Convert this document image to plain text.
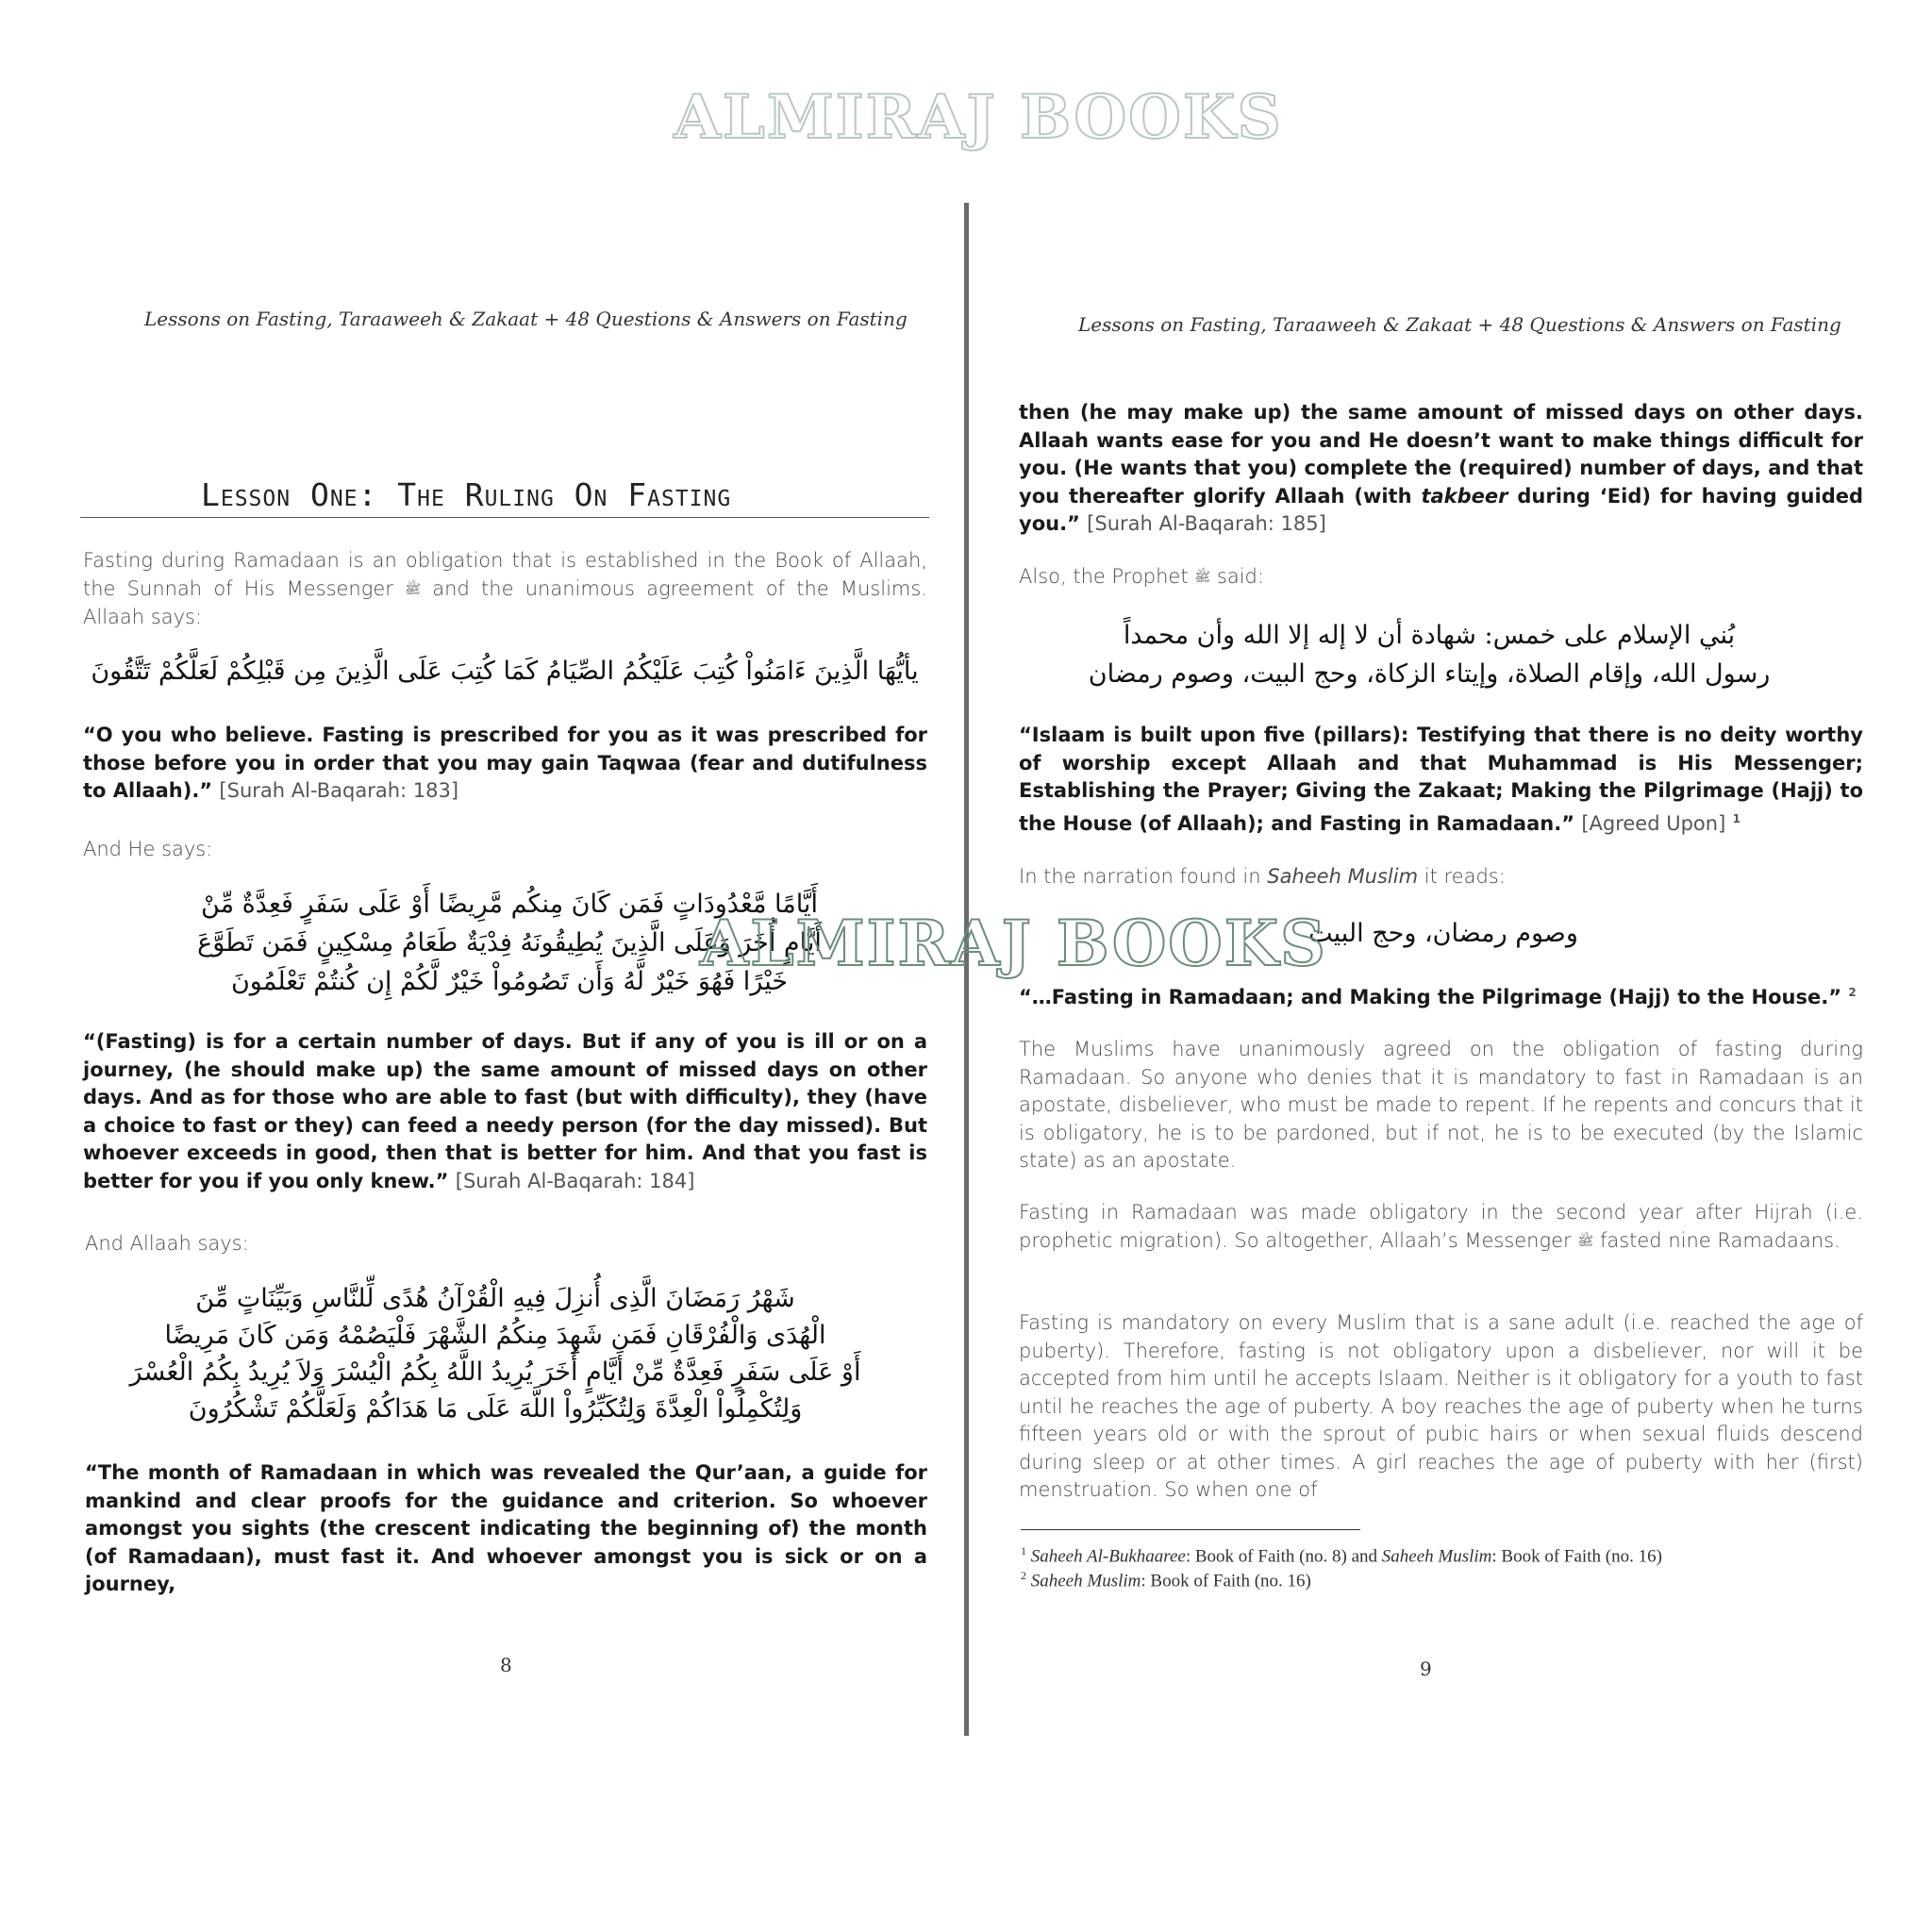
ALMIRAJ BOOKS
Lessons on Fasting, Taraaweeh & Zakaat + 48 Questions & Answers on Fasting
Lesson One: The Ruling On Fasting
Fasting during Ramadaan is an obligation that is established in the Book of Allaah, the Sunnah of His Messenger ﷺ and the unanimous agreement of the Muslims. Allaah says:
يأيُّهَا الَّذِينَ ءَامَنُواْ كُتِبَ عَلَيْكُمُ الصِّيَامُ كَمَا كُتِبَ عَلَى الَّذِينَ مِن قَبْلِكُمْ لَعَلَّكُمْ تَتَّقُونَ
“O you who believe. Fasting is prescribed for you as it was prescribed for those before you in order that you may gain Taqwaa (fear and dutifulness to Allaah).” [Surah Al-Baqarah: 183]
And He says:
أَيَّامًا مَّعْدُودَاتٍ فَمَن كَانَ مِنكُم مَّرِيضًا أَوْ عَلَى سَفَرٍ فَعِدَّةٌ مِّنْ
أَيَّامٍ أُخَرَ وَعَلَى الَّذِينَ يُطِيقُونَهُ فِدْيَةٌ طَعَامُ مِسْكِينٍ فَمَن تَطَوَّعَ
خَيْرًا فَهُوَ خَيْرٌ لَّهُ وَأَن تَصُومُواْ خَيْرٌ لَّكُمْ إِن كُنتُمْ تَعْلَمُونَ
“(Fasting) is for a certain number of days. But if any of you is ill or on a journey, (he should make up) the same amount of missed days on other days. And as for those who are able to fast (but with difficulty), they (have a choice to fast or they) can feed a needy person (for the day missed). But whoever exceeds in good, then that is better for him. And that you fast is better for you if you only knew.” [Surah Al-Baqarah: 184]
And Allaah says:
شَهْرُ رَمَضَانَ الَّذِى أُنزِلَ فِيهِ الْقُرْآنُ هُدًى لِّلنَّاسِ وَبَيِّنَاتٍ مِّنَ
الْهُدَى وَالْفُرْقَانِ فَمَن شَهِدَ مِنكُمُ الشَّهْرَ فَلْيَصُمْهُ وَمَن كَانَ مَرِيضًا
أَوْ عَلَى سَفَرٍ فَعِدَّةٌ مِّنْ أَيَّامٍ أُخَرَ يُرِيدُ اللَّهُ بِكُمُ الْيُسْرَ وَلاَ يُرِيدُ بِكُمُ الْعُسْرَ
وَلِتُكْمِلُواْ الْعِدَّةَ وَلِتُكَبِّرُواْ اللَّهَ عَلَى مَا هَدَاكُمْ وَلَعَلَّكُمْ تَشْكُرُونَ
“The month of Ramadaan in which was revealed the Qur’aan, a guide for mankind and clear proofs for the guidance and criterion. So whoever amongst you sights (the crescent indicating the beginning of) the month (of Ramadaan), must fast it. And whoever amongst you is sick or on a journey,
8
Lessons on Fasting, Taraaweeh & Zakaat + 48 Questions & Answers on Fasting
then (he may make up) the same amount of missed days on other days. Allaah wants ease for you and He doesn’t want to make things difficult for you. (He wants that you) complete the (required) number of days, and that you thereafter glorify Allaah (with takbeer during ‘Eid) for having guided you.” [Surah Al-Baqarah: 185]
Also, the Prophet ﷺ said:
بُني الإسلام على خمس: شهادة أن لا إله إلا الله وأن محمداً
رسول الله، وإقام الصلاة، وإيتاء الزكاة، وحج البيت، وصوم رمضان
“Islaam is built upon five (pillars): Testifying that there is no deity worthy of worship except Allaah and that Muhammad is His Messenger; Establishing the Prayer; Giving the Zakaat; Making the Pilgrimage (Hajj) to the House (of Allaah); and Fasting in Ramadaan.” [Agreed Upon] $^1$
In the narration found in Saheeh Muslim it reads:
وصوم رمضان، وحج البيت
“…Fasting in Ramadaan; and Making the Pilgrimage (Hajj) to the House.” $^2$
The Muslims have unanimously agreed on the obligation of fasting during Ramadaan. So anyone who denies that it is mandatory to fast in Ramadaan is an apostate, disbeliever, who must be made to repent. If he repents and concurs that it is obligatory, he is to be pardoned, but if not, he is to be executed (by the Islamic state) as an apostate.
Fasting in Ramadaan was made obligatory in the second year after Hijrah (i.e. prophetic migration). So altogether, Allaah’s Messenger ﷺ fasted nine Ramadaans.
Fasting is mandatory on every Muslim that is a sane adult (i.e. reached the age of puberty). Therefore, fasting is not obligatory upon a disbeliever, nor will it be accepted from him until he accepts Islaam. Neither is it obligatory for a youth to fast until he reaches the age of puberty. A boy reaches the age of puberty when he turns fifteen years old or with the sprout of pubic hairs or when sexual fluids descend during sleep or at other times. A girl reaches the age of puberty with her (first) menstruation. So when one of
$^1$ Saheeh Al-Bukhaaree: Book of Faith (no. 8) and Saheeh Muslim: Book of Faith (no. 16)
$^2$ Saheeh Muslim: Book of Faith (no. 16)
9
ALMIRAJ BOOKS
